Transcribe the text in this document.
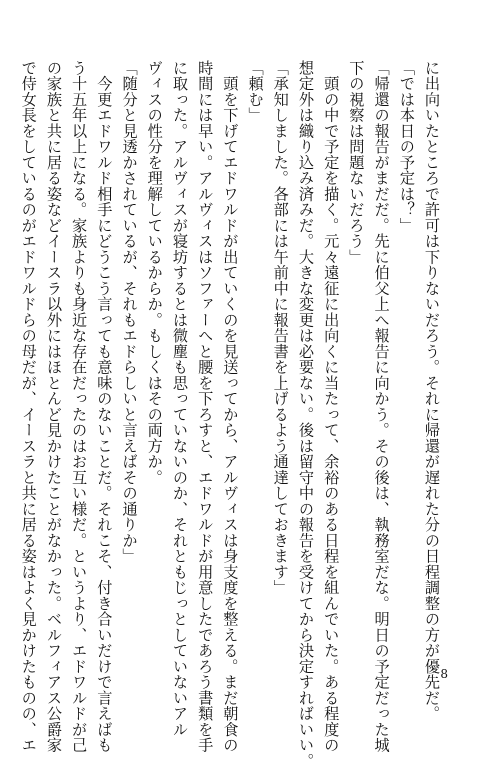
に出向いたところで許可は下りないだろう。それに帰還が遅れた分の日程調整の方が優先だ。
「では本日の予定は？」
「帰還の報告がまだだ。先に伯父上へ報告に向かう。その後は、執務室だな。明日の予定だった城
下の視察は問題ないだろう」
　頭の中で予定を描く。元々遠征に出向くに当たって、余裕のある日程を組んでいた。ある程度の
想定外は織り込み済みだ。大きな変更は必要ない。後は留守中の報告を受けてから決定すればいい。
「承知しました。各部には午前中に報告書を上げるよう通達しておきます」
「頼む」
　頭を下げてエドワルドが出ていくのを見送ってから、アルヴィスは身支度を整える。まだ朝食の
時間には早い。アルヴィスはソファーへと腰を下ろすと、エドワルドが用意したであろう書類を手
に取った。アルヴィスが寝坊するとは微塵も思っていないのか、それともじっとしていないアル
ヴィスの性分を理解しているからか。もしくはその両方か。
「随分と見透かされているが、それもエドらしいと言えばその通りか」
　今更エドワルド相手にどうこう言っても意味のないことだ。それこそ、付き合いだけで言えばも
う十五年以上になる。家族よりも身近な存在だったのはお互い様だ。というより、エドワルドが己
の家族と共に居る姿などイースラ以外にはほとんど見かけたことがなかった。ベルフィアス公爵家
で侍女長をしているのがエドワルドらの母だが、イースラと共に居る姿はよく見かけたものの、エ	8
